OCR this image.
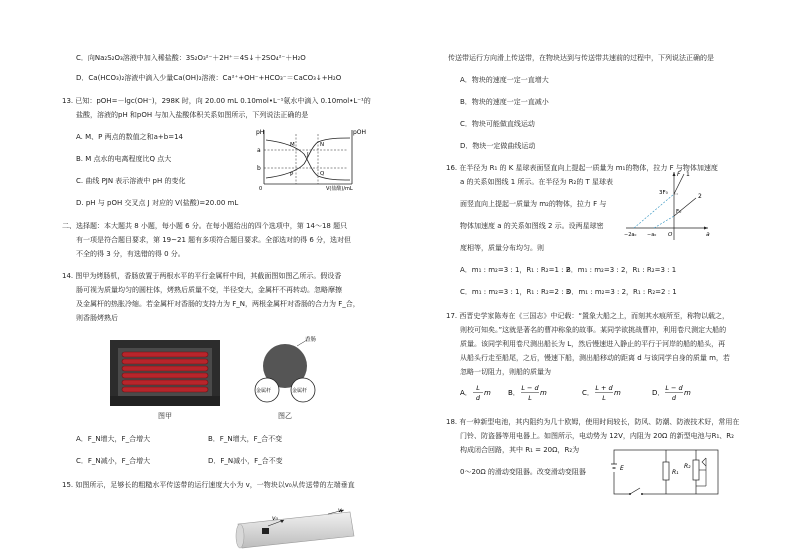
C．向Na₂S₂O₃溶液中加入稀盐酸：3S₂O₃²⁻＋2H⁺＝4S↓＋2SO₄²⁻＋H₂O
D．Ca(HCO₃)₂溶液中滴入少量Ca(OH)₂溶液：Ca²⁺+OH⁻+HCO₃⁻＝CaCO₃↓+H₂O
13. 已知：pOH=－lgc(OH⁻)，298K 时，向 20.00 mL 0.10mol•L⁻¹氨水中滴入 0.10mol•L⁻¹的
盐酸，溶液的pH 和pOH 与加入盐酸体积关系如图所示，下列说法正确的是
A. M、P 两点的数值之和a+b=14
B. M 点水的电离程度比Q 点大
C. 曲线 PJN 表示溶液中 pH 的变化
D. pH 与 pOH 交叉点 J 对应的 V(盐酸)=20.00 mL
pH	pOH
0	V(盐酸)/mL
a
b
M
P
J
N
Q
二、选择题：本大题共 8 小题，每小题 6 分。在每小题给出的四个选项中，第 14～18 题只
有一项是符合题目要求，第 19~21 题有多项符合题目要求。全部选对的得 6 分，选对但
不全的得 3 分，有选错的得 0 分。
14. 图甲为烤肠机，香肠放置于两根水平的平行金属杆中间，其截面图如图乙所示。假设香
肠可视为质量均匀的圆柱体，烤熟后质量不变，半径变大，金属杆不再转动。忽略摩擦
及金属杆的热胀冷缩。若金属杆对香肠的支持力为 F_N，两根金属杆对香肠的合力为 F_合，
则香肠烤熟后
图甲
香肠
金属杆	金属杆
图乙
A．F_N增大，F_合增大	B．F_N增大，F_合不变
C．F_N减小，F_合增大	D．F_N减小，F_合不变
15. 如图所示，足够长的粗糙水平传送带的运行速度大小为 v，一物块以v₀从传送带的左端垂直
v₀
v
传送带运行方向滑上传送带，在物块达到与传送带共速前的过程中，下列说法正确的是
A．物块的速度一定一直增大
B．物块的速度一定一直减小
C．物块可能做直线运动
D．物块一定做曲线运动
16. 在半径为 R₁ 的 K 星球表面竖直向上提起一质量为 m₁的物体，拉力 F 与物体加速度
a 的关系如图线 1 所示。在半径为 R₂的 T 星球表
面竖直向上提起一质量为 m₂的物体，拉力 F 与
物体加速度 a 的关系如图线 2 示。设两星球密
度相等，质量分布均匀。则
F
a
O
1
2
3F₀
F₀
−2a₀ −a₀
A．m₁ : m₂=3 : 1，R₁ : R₂=1 : 2
B．m₁ : m₂=3 : 2，R₁ : R₂=3 : 1
C．m₁ : m₂=3 : 1，R₁ : R₂=2 : 3
D．m₁ : m₂=3 : 2，R₁ : R₂=2 : 1
17. 西晋史学家陈寿在《三国志》中记载：“置象大船之上，而刻其水痕所至，称物以载之，
则校可知矣。”这就是著名的曹冲称象的故事。某同学欲挑战曹冲，利用卷尺测定大船的
质量。该同学利用卷尺测出船长为 L，然后慢速进入静止的平行于河岸的船的船头，再
从船头行走至船尾，之后，慢速下船，测出船移动的距离 d 与该同学自身的质量 m，若
忽略一切阻力，则船的质量为
A．
L
d
m B．
L − d
L
m	C．
L + d
L
m	D．
L − d
d
m
18. 有一种新型电池，其内阻约为几十欧姆，使用时间较长，防风、防潮、防液技术好，常用在
门铃、防盗器等用电器上。如图所示，电动势为 12V，内阻为 20Ω 的新型电池与R₁、R₂
构成闭合回路，其中 R₁ = 20Ω，R₂为
0～20Ω 的滑动变阻器。改变滑动变阻器	E
R₁
R₂
